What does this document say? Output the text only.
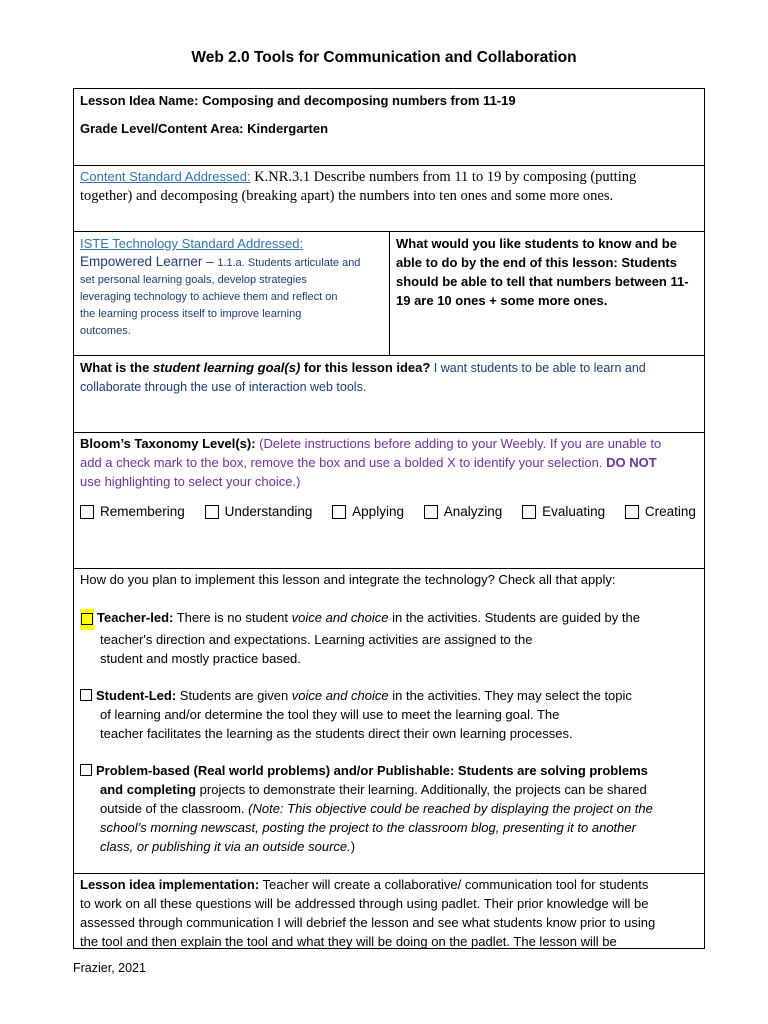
Web 2.0 Tools for Communication and Collaboration
Lesson Idea Name: Composing and decomposing numbers from 11-19
Grade Level/Content Area: Kindergarten
Content Standard Addressed: K.NR.3.1 Describe numbers from 11 to 19 by composing (putting
together) and decomposing (breaking apart) the numbers into ten ones and some more ones.
ISTE Technology Standard Addressed:
Empowered Learner – 1.1.a. Students articulate and
set personal learning goals, develop strategies
leveraging technology to achieve them and reflect on
the learning process itself to improve learning
outcomes.
What would you like students to know and be
able to do by the end of this lesson: Students
should be able to tell that numbers between 11-
19 are 10 ones + some more ones.
What is the student learning goal(s) for this lesson idea? I want students to be able to learn and
collaborate through the use of interaction web tools.
Bloom’s Taxonomy Level(s): (Delete instructions before adding to your Weebly. If you are unable to
add a check mark to the box, remove the box and use a bolded X to identify your selection. DO NOT
use highlighting to select your choice.)
Remembering	Understanding	Applying	Analyzing	Evaluating	Creating
How do you plan to implement this lesson and integrate the technology? Check all that apply:
Teacher-led: There is no student voice and choice in the activities. Students are guided by the
teacher's direction and expectations. Learning activities are assigned to the
student and mostly practice based.
Student-Led: Students are given voice and choice in the activities. They may select the topic
of learning and/or determine the tool they will use to meet the learning goal. The
teacher facilitates the learning as the students direct their own learning processes.
Problem-based (Real world problems) and/or Publishable: Students are solving problems
and completing projects to demonstrate their learning. Additionally, the projects can be shared
outside of the classroom. (Note: This objective could be reached by displaying the project on the
school’s morning newscast, posting the project to the classroom blog, presenting it to another
class, or publishing it via an outside source.)
Lesson idea implementation: Teacher will create a collaborative/ communication tool for students
to work on all these questions will be addressed through using padlet. Their prior knowledge will be
assessed through communication I will debrief the lesson and see what students know prior to using
the tool and then explain the tool and what they will be doing on the padlet. The lesson will be
Frazier, 2021
